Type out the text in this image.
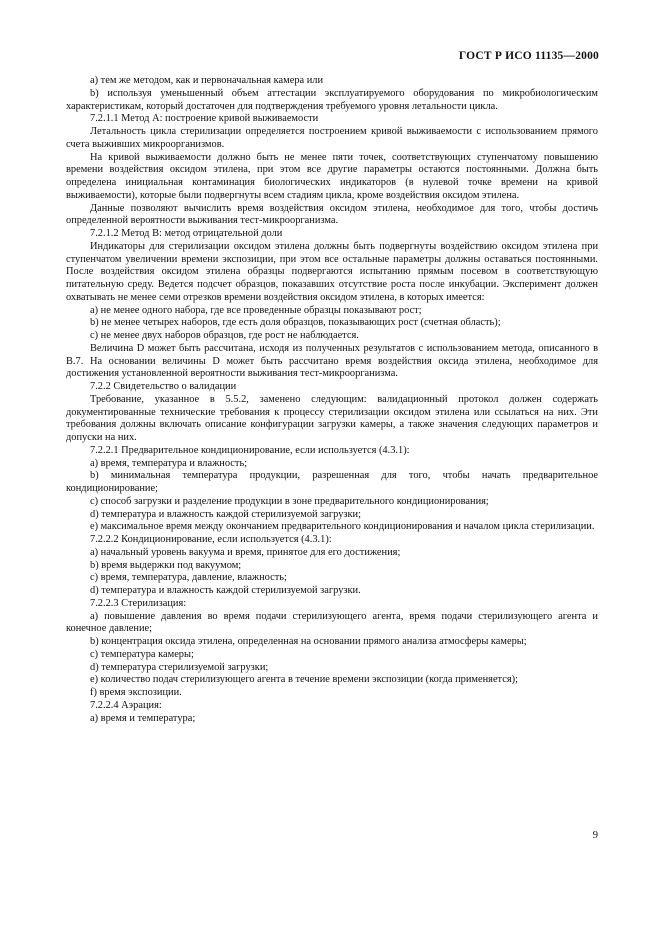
ГОСТ Р ИСО 11135—2000

a) тем же методом, как и первоначальная камера или

b) используя уменьшенный объем аттестации эксплуатируемого оборудования по микробиологическим характеристикам, который достаточен для подтверждения требуемого уровня летальности цикла.

7.2.1.1 Метод А: построение кривой выживаемости

Летальность цикла стерилизации определяется построением кривой выживаемости с использованием прямого счета выживших микроорганизмов.

На кривой выживаемости должно быть не менее пяти точек, соответствующих ступенчатому повышению времени воздействия оксидом этилена, при этом все другие параметры остаются постоянными. Должна быть определена инициальная контаминация биологических индикаторов (в нулевой точке времени на кривой выживаемости), которые были подвергнуты всем стадиям цикла, кроме воздействия оксидом этилена.

Данные позволяют вычислить время воздействия оксидом этилена, необходимое для того, чтобы достичь определенной вероятности выживания тест-микроорганизма.

7.2.1.2 Метод В: метод отрицательной доли

Индикаторы для стерилизации оксидом этилена должны быть подвергнуты воздействию оксидом этилена при ступенчатом увеличении времени экспозиции, при этом все остальные параметры должны оставаться постоянными. После воздействия оксидом этилена образцы подвергаются испытанию прямым посевом в соответствующую питательную среду. Ведется подсчет образцов, показавших отсутствие роста после инкубации. Эксперимент должен охватывать не менее семи отрезков времени воздействия оксидом этилена, в которых имеется:

a) не менее одного набора, где все проведенные образцы показывают рост;

b) не менее четырех наборов, где есть доля образцов, показывающих рост (счетная область);

c) не менее двух наборов образцов, где рост не наблюдается.

Величина D может быть рассчитана, исходя из полученных результатов с использованием метода, описанного в В.7. На основании величины D может быть рассчитано время воздействия оксида этилена, необходимое для достижения установленной вероятности выживания тест-микроорганизма.

7.2.2 Свидетельство о валидации

Требование, указанное в 5.5.2, заменено следующим: валидационный протокол должен содержать документированные технические требования к процессу стерилизации оксидом этилена или ссылаться на них. Эти требования должны включать описание конфигурации загрузки камеры, а также значения следующих параметров и допуски на них.

7.2.2.1 Предварительное кондиционирование, если используется (4.3.1):

a) время, температура и влажность;

b) минимальная температура продукции, разрешенная для того, чтобы начать предварительное кондиционирование;

c) способ загрузки и разделение продукции в зоне предварительного кондиционирования;

d) температура и влажность каждой стерилизуемой загрузки;

e) максимальное время между окончанием предварительного кондиционирования и началом цикла стерилизации.

7.2.2.2 Кондиционирование, если используется (4.3.1):

a) начальный уровень вакуума и время, принятое для его достижения;

b) время выдержки под вакуумом;

c) время, температура, давление, влажность;

d) температура и влажность каждой стерилизуемой загрузки.

7.2.2.3 Стерилизация:

a) повышение давления во время подачи стерилизующего агента, время подачи стерилизующего агента и конечное давление;

b) концентрация оксида этилена, определенная на основании прямого анализа атмосферы камеры;

c) температура камеры;

d) температура стерилизуемой загрузки;

e) количество подач стерилизующего агента в течение времени экспозиции (когда применяется);

f) время экспозиции.

7.2.2.4 Аэрация:

a) время и температура;

9
